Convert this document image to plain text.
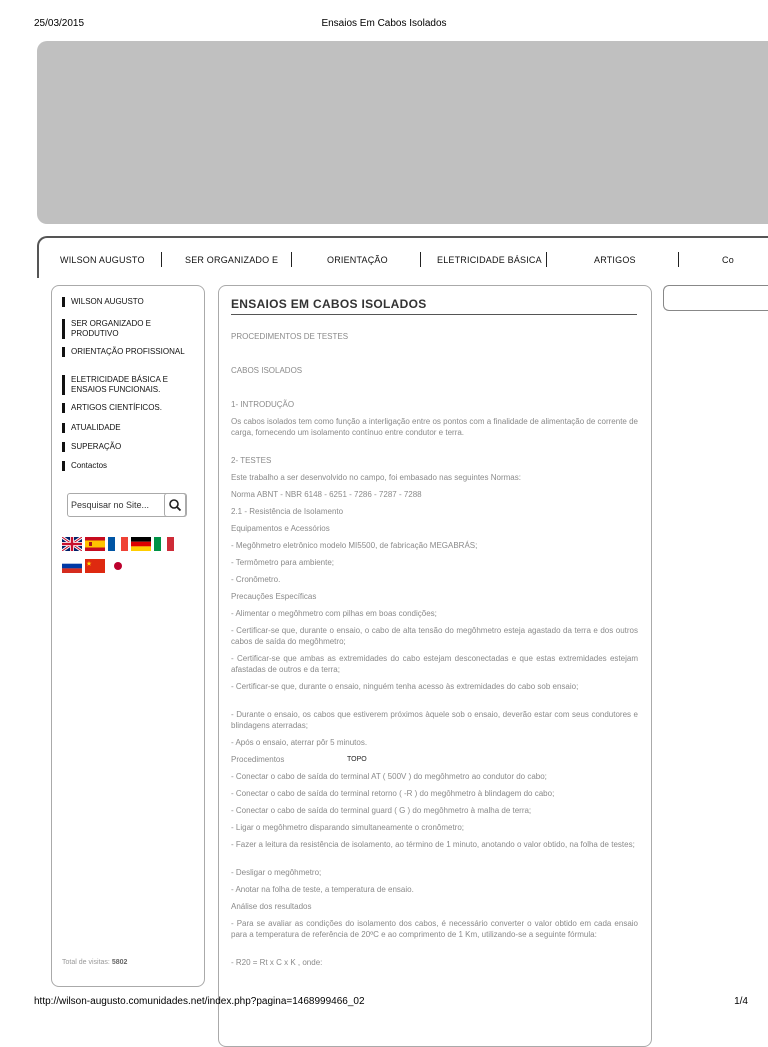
25/03/2015	Ensaios Em Cabos Isolados
WILSON AUGUSTO	SER ORGANIZADO E	ORIENTAÇÃO	ELETRICIDADE BÁSICA	ARTIGOS	Co
WILSON AUGUSTO
SER ORGANIZADO E PRODUTIVO
ORIENTAÇÃO PROFISSIONAL
ELETRICIDADE BÁSICA E ENSAIOS FUNCIONAIS.
ARTIGOS CIENTÍFICOS.
ATUALIDADE
SUPERAÇÃO
Contactos
Pesquisar no Site...
Total de visitas: 5802
ENSAIOS EM CABOS ISOLADOS
PROCEDIMENTOS DE TESTES
CABOS ISOLADOS
1- INTRODUÇÃO
Os cabos isolados tem como função a interligação entre os pontos com a finalidade de alimentação de corrente de carga, fornecendo um isolamento contínuo entre condutor e terra.
2- TESTES
Este trabalho a ser desenvolvido no campo, foi embasado nas seguintes Normas:
Norma ABNT - NBR 6148 - 6251 - 7286 - 7287 - 7288
2.1 - Resistência de Isolamento
Equipamentos e Acessórios
- Megôhmetro eletrônico modelo MI5500, de fabricação MEGABRÁS;
- Termômetro para ambiente;
- Cronômetro.
Precauções Específicas
- Alimentar o megôhmetro com pilhas em boas condições;
- Certificar-se que, durante o ensaio, o cabo de alta tensão do megôhmetro esteja agastado da terra e dos outros cabos de saída do megôhmetro;
- Certificar-se que ambas as extremidades do cabo estejam desconectadas e que estas extremidades estejam afastadas de outros e da terra;
- Certificar-se que, durante o ensaio, ninguém tenha acesso às extremidades do cabo sob ensaio;
- Durante o ensaio, os cabos que estiverem próximos àquele sob o ensaio, deverão estar com seus condutores e blindagens aterradas;
- Após o ensaio, aterrar pôr 5 minutos.
TOPO
Procedimentos
- Conectar o cabo de saída do terminal AT ( 500V ) do megôhmetro ao condutor do cabo;
- Conectar o cabo de saída do terminal retorno ( -R ) do megôhmetro à blindagem do cabo;
- Conectar o cabo de saída do terminal guard ( G ) do megôhmetro à malha de terra;
- Ligar o megôhmetro disparando simultaneamente o cronômetro;
- Fazer a leitura da resistência de isolamento, ao término de 1 minuto, anotando o valor obtido, na folha de testes;
- Desligar o megôhmetro;
- Anotar na folha de teste, a temperatura de ensaio.
Análise dos resultados
- Para se avaliar as condições do isolamento dos cabos, é necessário converter o valor obtido em cada ensaio para a temperatura de referência de 20ºC e ao comprimento de 1 Km, utilizando-se a seguinte fórmula:
- R20 = Rt x C x K , onde:
http://wilson-augusto.comunidades.net/index.php?pagina=1468999466_02	1/4
